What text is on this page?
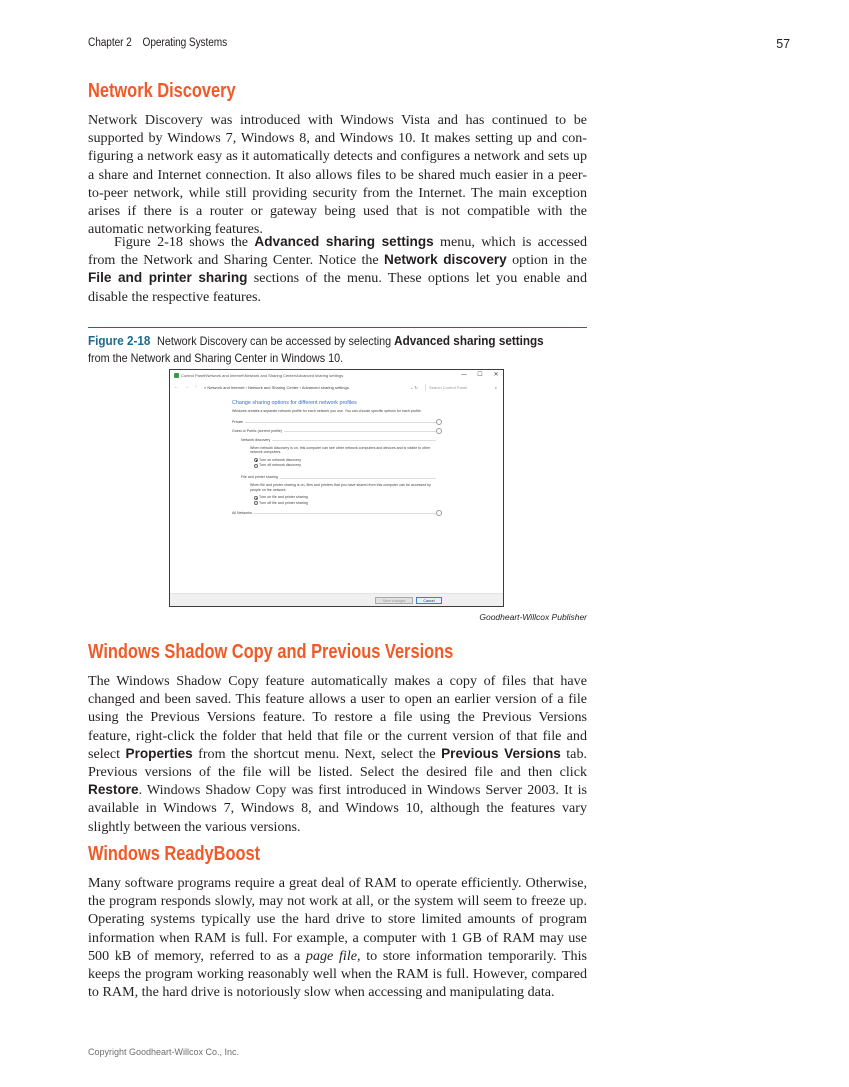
Chapter 2    Operating Systems	57
Network Discovery

Network Discovery was introduced with Windows Vista and has continued to be supported by Windows 7, Windows 8, and Windows 10. It makes setting up and con-figuring a network easy as it automatically detects and configures a network and sets up a share and Internet connection. It also allows files to be shared much easier in a peer-to-peer network, while still providing security from the Internet. The main exception arises if there is a router or gateway being used that is not compatible with the automatic networking features.

Figure 2-18 shows the Advanced sharing settings menu, which is accessed from the Network and Sharing Center. Notice the Network discovery option in the File and printer sharing sections of the menu. These options let you enable and disable the respective features.

Figure 2-18 Network Discovery can be accessed by selecting Advanced sharing settings
from the Network and Sharing Center in Windows 10.
Control Panel\Network and Internet\Network and Sharing Center\Advanced sharing settings	—	☐	✕
← → ↑ « Network and Internet › Network and Sharing Center › Advanced sharing settings	⌄ ↻	Search Control Panel	⌕
Change sharing options for different network profiles
Windows creates a separate network profile for each network you use. You can choose specific options for each profile.
Private
Guest or Public (current profile)
Network discovery
When network discovery is on, this computer can see other network computers and devices and is visible to other network computers.
Turn on network discovery
Turn off network discovery
File and printer sharing
When file and printer sharing is on, files and printers that you have shared from this computer can be accessed by people on the network.
Turn on file and printer sharing
Turn off file and printer sharing
All Networks
Save changes	Cancel
Goodheart-Willcox Publisher
Windows Shadow Copy and Previous Versions

The Windows Shadow Copy feature automatically makes a copy of files that have changed and been saved. This feature allows a user to open an earlier version of a file using the Previous Versions feature. To restore a file using the Previous Versions feature, right-click the folder that held that file or the current version of that file and select Properties from the shortcut menu. Next, select the Previous Versions tab. Previous versions of the file will be listed. Select the desired file and then click Restore. Windows Shadow Copy was first introduced in Windows Server 2003. It is available in Windows 7, Windows 8, and Windows 10, although the features vary slightly between the various versions.

Windows ReadyBoost

Many software programs require a great deal of RAM to operate efficiently. Otherwise, the program responds slowly, may not work at all, or the system will seem to freeze up. Operating systems typically use the hard drive to store limited amounts of program information when RAM is full. For example, a computer with 1 GB of RAM may use 500 kB of memory, referred to as a page file, to store information temporarily. This keeps the program working reasonably well when the RAM is full. However, compared to RAM, the hard drive is notoriously slow when accessing and manipulating data.

Copyright Goodheart-Willcox Co., Inc.
